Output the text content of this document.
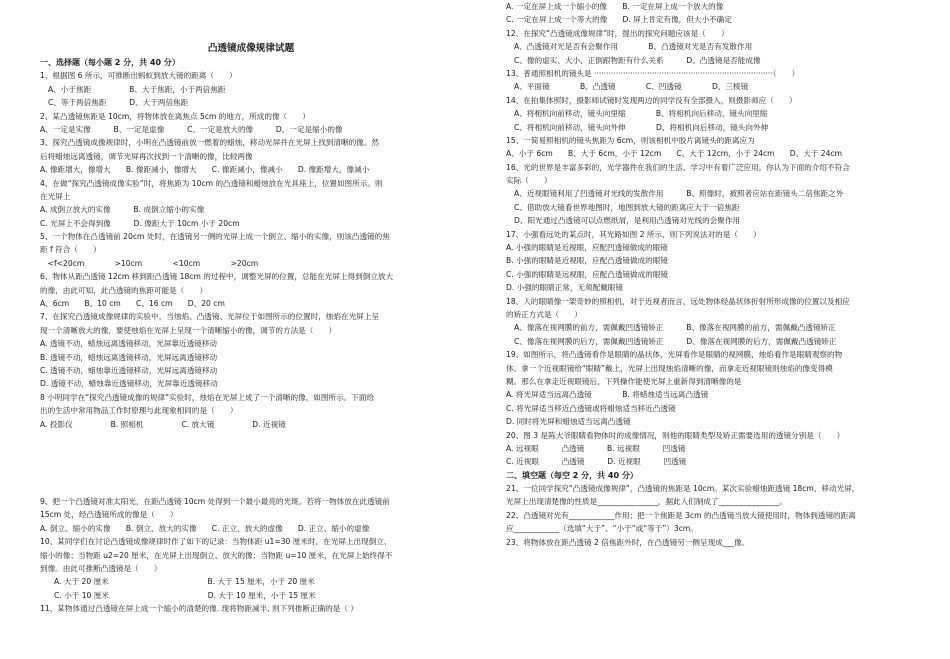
凸透镜成像规律试题
一、选择题（每小题 2 分，共 40 分）
1、根据图 6 所示，可推断出蚂蚁到放大镜的距离（　　）
A、小于焦距　　　　　B、大于焦距，小于两倍焦距
C、等于两倍焦距　　　D、大于两倍焦距
2、某凸透镜焦距是 10cm，将物体放在离焦点 5cm 的地方，所成的像（　　）
A、一定是实像　　　B、一定是虚像　　　C、一定是放大的像　　　D、一定是缩小的像
3、探究凸透镜成像规律时，小明在凸透镜前放一燃着的蜡烛，移动光屏并在光屏上找到清晰的像。然
后将蜡烛远离透镜，调节光屏再次找到一个清晰的像，比较两像
A. 像距增大，像增大　　B. 像距减小，像增大　　C. 像距减小，像减小　　D. 像距增大，像减小
4、在做“探究凸透镜成像实验”时，将焦距为 10cm 的凸透镜和蜡烛放在光具座上，位置如图所示。则
在光屏上
A. 成倒立放大的实像　　　B. 成倒立缩小的实像
C. 光屏上不会得到像　　　D. 像距大于 10cm 小于 20cm
5、一个物体在凸透镜前 20cm 处时，在透镜另一侧的光屏上成一个倒立、缩小的实像，则该凸透镜的焦
距 f 符合（　　）
　<f<20cm　　　　>10cm　　　　<10cm　　　　>20cm
6、物体从距凸透镜 12cm 移到距凸透镜 18cm 的过程中，调整光屏的位置，总能在光屏上得到倒立放大
的像，由此可知，此凸透镜的焦距可能是（　　）
A、6cm　　B、10 cm　　C、16 cm　　D、20 cm
7、在探究凸透镜成像规律的实验中，当烛焰、凸透镜、光屏位于如图所示的位置时，烛焰在光屏上呈
现一个清晰放大的像．要使烛焰在光屏上呈现一个清晰缩小的像，调节的方法是（　　）
A. 透镜不动，蜡烛远离透镜移动，光屏靠近透镜移动
B. 透镜不动，蜡烛远离透镜移动，光屏远离透镜移动
C. 透镜不动，蜡烛靠近透镜移动，光屏远离透镜移动
D. 透镜不动，蜡烛靠近透镜移动，光屏靠近透镜移动
8 小明同学在“探究凸透镜成像的规律”实验时，烛焰在光屏上成了一个清晰的像，如图所示。下面给
出的生活中常用物品工作时原理与此现象相同的是（　　）
A. 投影仪　　　　　B. 照相机　　　　　C. 放大镜　　　　　D. 近视镜
9、把一个凸透镜对准太阳光，在距凸透镜 10cm 处得到一个最小最亮的光斑。若将一物体放在此透镜前
15cm 处，经凸透镜所成的像是（　　）
A. 倒立、缩小的实像　　B. 倒立、放大的实像　　C. 正立、放大的虚像　　D. 正立、缩小的虚像
10、某同学们在讨论凸透镜成像规律时作了如下的记录：当物体距 u1=30 厘米时，在光屏上出现倒立、
缩小的像；当物距 u2=20 厘米，在光屏上出现倒立、放大的像；当物距 u=10 厘米，在光屏上始终得不
到像。由此可推断凸透镜是（　　）
A. 大于 20 厘米　　　　　　　　　　　　　B. 大于 15 厘米，小于 20 厘米
C. 小于 10 厘米　　　　　　　　　　　　　D. 大于 10 厘米，小于 15 厘米
11、某物体通过凸透镜在屏上成一个缩小的清楚的像. 现将物距减半, 则下列推断正确的是（ ）
A. 一定在屏上成一个缩小的像　　B. 一定在屏上成一个放大的像
C. 一定在屏上成一个等大的像　　D. 屏上肯定有像，但大小不确定
12、在探究“凸透镜成像规律”时，提出的探究问题应该是（　　）
A、凸透镜对光是否有会聚作用　　　　B、凸透镜对光是否有发散作用
C、像的虚实、大小、正倒跟物距有什么关系　　　D、凸透镜是否能成像
13、普通照相机的镜头是 ··········································································（　　）
A、平面镜　　　　B、凸透镜　　　　C、凹透镜　　　　D、三棱镜
14、在拍集体照时，摄影师试镜时发现两边的同学没有全部摄入，则摄影师应（　　）
A、将相机向前移动，镜头向里缩　　　　B、将相机向后移动，镜头向里缩
C、将相机向前移动，镜头向外伸　　　　D、将相机向后移动，镜头向外伸
15、一简易照相机的镜头焦距为 6cm，则该相机中胶片离镜头的距离应为
A、小于 6cm　　B、大于 6cm，小于 12cm　　C、大于 12cm，小于 24cm　　D、大于 24cm
16、光的世界是丰富多彩的，光学器件在我们的生活、学习中有着广泛应用。你认为下面的介绍不符合
实际（　　）
A、近视眼镜利用了凹透镜对光线的发散作用　　　B、照像时，被照者应站在距镜头二倍焦距之外
C、借助放大镜看世界地图时，地图到放大镜的距离应大于一倍焦距
D、阳光通过凸透镜可以点燃纸屑，是利用凸透镜对光线的会聚作用
17、小强看远处的某点时，其光路如图 2 所示，则下列说法对的是（　　）
A. 小强的眼睛是近视眼，应配凹透镜做成的眼镜
B. 小强的眼睛是近视眼，应配凸透镜做成的眼镜
C. 小强的眼睛是远视眼，应配凸透镜做成的眼镜
D. 小强的眼睛正常，无须配戴眼镜
18、人的眼睛像一架奇妙的照相机，对于近视者而言，远处物体经晶状体折射所形成像的位置以及相应
的矫正方式是（　　）
A、像落在视网膜的前方，需佩戴凹透镜矫正　　　B、像落在视网膜的前方，需佩戴凸透镜矫正
C、像落在视网膜的后方，需佩戴凹透镜矫正　　　D、像落在视网膜的后方，需佩戴凸透镜矫正
19、如图所示，将凸透镜看作是眼睛的晶状体，光屏看作是眼睛的视网膜，烛焰看作是眼睛观察的物
体。拿一个近视眼镜给“眼睛”戴上，光屏上出现烛焰清晰的像，而拿走近视眼镜则烛焰的像变得模
糊。那么在拿走近视眼镜后，下列操作能使光屏上重新得到清晰像的是
A. 将光屏适当远离凸透镜　　　　B. 将蜡烛适当远离凸透镜
C. 将光屏适当移近凸透镜或将蜡烛适当移近凸透镜
D. 同时将光屏和蜡烛适当远离凸透镜
20、图 3 是陈大爷眼睛看物体时的成像情况，则他的眼睛类型及矫正需要选用的透镜分别是（　　）
A. 远视眼　　　凸透镜　　　B. 远视眼　　　凹透镜
C. 近视眼　　　凸透镜　　　D. 近视眼　　　凹透镜
二、填空题（每空 2 分，共 40 分）
21、一位同学探究“凸透镜成像规律”，凸透镜的焦距是 10cm。某次实验蜡烛距透镜 18cm，移动光屏，
光屏上出现清楚像的性质是________________，据此人们制成了________________。
22、凸透镜对光有____________作用；把一个焦距是 3cm 的凸透镜当放大镜使用时，物体到透镜的距离
应____________（选填“大于”、“小于”或“等于”）3cm。
23、将物体放在距凸透镜 2 倍焦距外时，在凸透镜另一侧呈现成___像。
